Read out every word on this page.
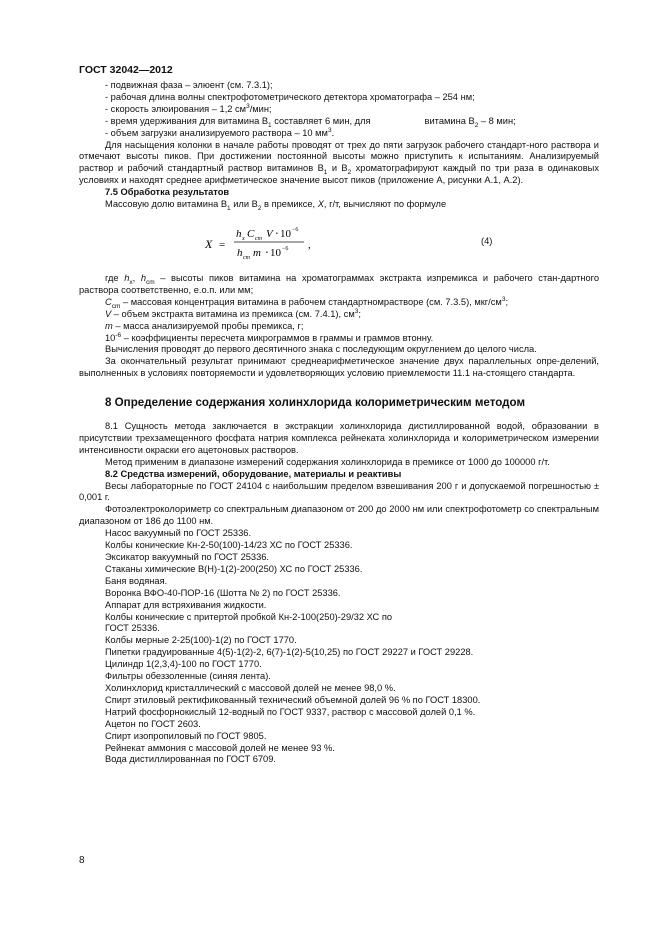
ГОСТ 32042—2012

- подвижная фаза – элюент (см. 7.3.1);

- рабочая длина волны спектрофотометрического детектора хроматографа – 254 нм;

- скорость элюирования – 1,2 $см^3$/мин;

- время удерживания для витамина $B_1$ составляет 6 мин, для	витамина $B_2 - 8$ мин;

- объем загрузки анализируемого раствора – 10 $мм^3$.

Для насыщения колонки в начале работы проводят от трех до пяти загрузок рабочего стандарт-ного раствора и отмечают высоты пиков. При достижении постоянной высоты можно приступить к испытаниям. Анализируемый раствор и рабочий стандартный раствор витаминов $B_1$ и $B_2$ хроматографируют каждый по три раза в одинаковых условиях и находят среднее арифметическое значение высот пиков (приложение А, рисунки А.1, А.2).

7.5 Обработка результатов

Массовую долю витамина $B_1$ или $B_2$ в премиксе, X, г/т, вычисляют по формуле

X =
h x C cm V ⋅ 10 −6
h cm m ⋅ 10 −6 ,	(4)

где $h_x$, $h_{cm}$ – высоты пиков витамина на хроматограммах экстракта изпремикса и рабочего стан-дартного раствора соответственно, е.о.п. или мм;

$C_{cm}$ – массовая концентрация витамина в рабочем стандартномрастворе (см. 7.3.5), мкг/$см^3$;

V – объем экстракта витамина из премикса (см. 7.4.1), $см^3$;

m – масса анализируемой пробы премикса, г;

$10^{-6}$ – коэффициенты пересчета микрограммов в граммы и граммов втонну.

Вычисления проводят до первого десятичного знака с последующим округлением до целого числа.

За окончательный результат принимают среднеарифметическое значение двух параллельных опре-делений, выполненных в условиях повторяемости и удовлетворяющих условию приемлемости 11.1 на-стоящего стандарта.

8 Определение содержания холинхлорида колориметрическим методом

8.1 Сущность метода заключается в экстракции холинхлорида дистиллированной водой, образовании в присутствии трехзамещенного фосфата натрия комплекса рейнеката холинхлорида и колориметрическом измерении интенсивности окраски его ацетоновых растворов.

Метод применим в диапазоне измерений содержания холинхлорида в премиксе от 1000 до 100000 г/т.

8.2 Средства измерений, оборудование, материалы и реактивы

Весы лабораторные по ГОСТ 24104 с наибольшим пределом взвешивания 200 г и допускаемой погрешностью ± 0,001 г.

Фотоэлектроколориметр со спектральным диапазоном от 200 до 2000 нм или спектрофотометр со спектральным диапазоном от 186 до 1100 нм.

Насос вакуумный по ГОСТ 25336.

Колбы конические Кн-2-50(100)-14/23 ХС по ГОСТ 25336.

Эксикатор вакуумный по ГОСТ 25336.

Стаканы химические В(Н)-1(2)-200(250) ХС по ГОСТ 25336.

Баня водяная.

Воронка ВФО-40-ПОР-16 (Шотта № 2) по ГОСТ 25336.

Аппарат для встряхивания жидкости.

Колбы конические с притертой пробкой Кн-2-100(250)-29/32 ХС по

ГОСТ 25336.

Колбы мерные 2-25(100)-1(2) по ГОСТ 1770.

Пипетки градуированные 4(5)-1(2)-2, 6(7)-1(2)-5(10,25) по ГОСТ 29227 и ГОСТ 29228.

Цилиндр 1(2,3,4)-100 по ГОСТ 1770.

Фильтры обеззоленные (синяя лента).

Холинхлорид кристаллический с массовой долей не менее 98,0 %.

Спирт этиловый ректификованный технический объемной долей 96 % по ГОСТ 18300.

Натрий фосфорнокислый 12-водный по ГОСТ 9337, раствор с массовой долей 0,1 %.

Ацетон по ГОСТ 2603.

Спирт изопропиловый по ГОСТ 9805.

Рейнекат аммония с массовой долей не менее 93 %.

Вода дистиллированная по ГОСТ 6709.

8
